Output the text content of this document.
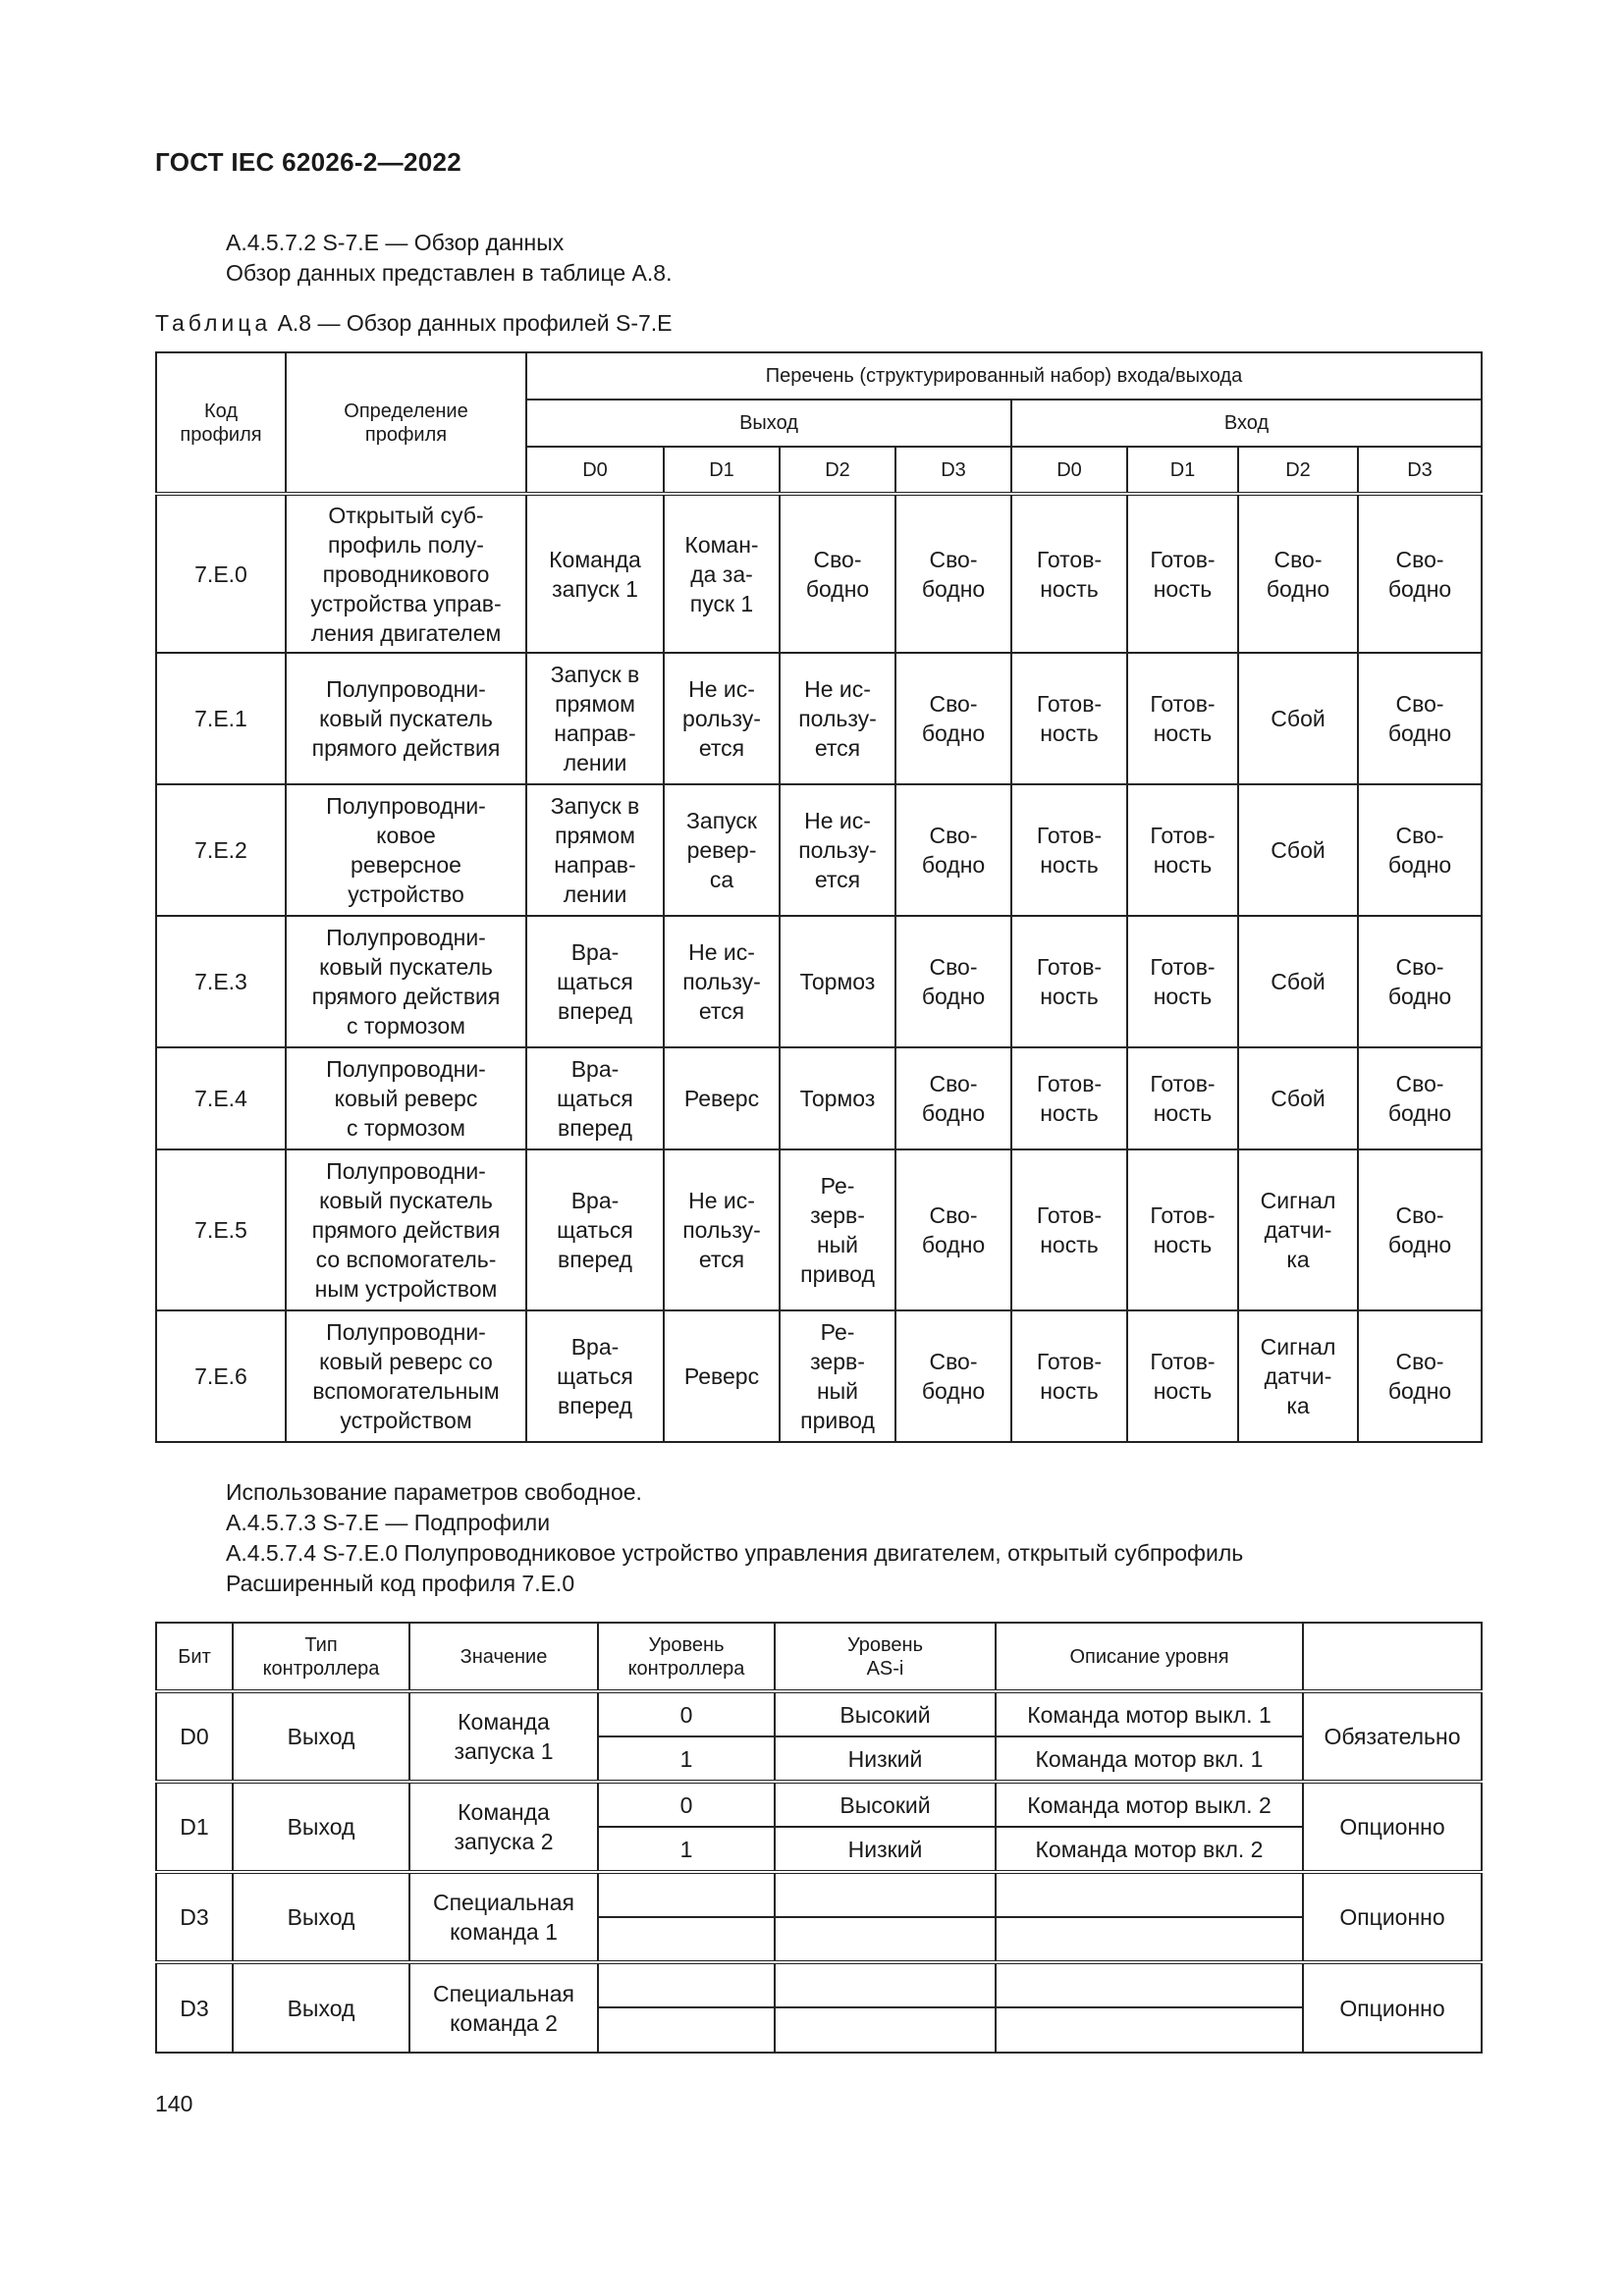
ГОСТ IEC 62026-2—2022
А.4.5.7.2 S-7.E — Обзор данных
Обзор данных представлен в таблице А.8.
Таблица А.8 — Обзор данных профилей S-7.E
Код
профиля	Определение
профиля	Перечень (структурированный набор) входа/выхода							
		Выход				Вход			
		D0	D1	D2	D3	D0	D1	D2	D3
7.E.0	Открытый суб-
профиль полу-
проводникового
устройства управ-
ления двигателем	Команда
запуск 1	Коман-
да за-
пуск 1	Сво-
бодно	Сво-
бодно	Готов-
ность	Готов-
ность	Сво-
бодно	Сво-
бодно
7.E.1	Полупроводни-
ковый пускатель
прямого действия	Запуск в
прямом
направ-
лении	Не ис-
pользу-
ется	Не ис-
пользу-
ется	Сво-
бодно	Готов-
ность	Готов-
ность	Сбой	Сво-
бодно
7.E.2	Полупроводни-
ковое
реверсное
устройство	Запуск в
прямом
направ-
лении	Запуск
ревер-
са	Не ис-
пользу-
ется	Сво-
бодно	Готов-
ность	Готов-
ность	Сбой	Сво-
бодно
7.E.3	Полупроводни-
ковый пускатель
прямого действия
с тормозом	Вра-
щаться
вперед	Не ис-
пользу-
ется	Тормоз	Сво-
бодно	Готов-
ность	Готов-
ность	Сбой	Сво-
бодно
7.E.4	Полупроводни-
ковый реверс
с тормозом	Вра-
щаться
вперед	Реверс	Тормоз	Сво-
бодно	Готов-
ность	Готов-
ность	Сбой	Сво-
бодно
7.E.5	Полупроводни-
ковый пускатель
прямого действия
со вспомогатель-
ным устройством	Вра-
щаться
вперед	Не ис-
пользу-
ется	Ре-
зерв-
ный
привод	Сво-
бодно	Готов-
ность	Готов-
ность	Сигнал
датчи-
ка	Сво-
бодно
7.E.6	Полупроводни-
ковый реверс со
вспомогательным
устройством	Вра-
щаться
вперед	Реверс	Ре-
зерв-
ный
привод	Сво-
бодно	Готов-
ность	Готов-
ность	Сигнал
датчи-
ка	Сво-
бодно
Использование параметров свободное.
А.4.5.7.3 S-7.E — Подпрофили
А.4.5.7.4 S-7.E.0 Полупроводниковое устройство управления двигателем, открытый субпрофиль
Расширенный код профиля 7.E.0
Бит	Тип
контроллера	Значение	Уровень
контроллера	Уровень
AS-i	Описание уровня	
D0	Выход	Команда
запуска 1	0	Высокий	Команда мотор выкл. 1	Обязательно
			1	Низкий	Команда мотор вкл. 1	
D1	Выход	Команда
запуска 2	0	Высокий	Команда мотор выкл. 2	Опционно
			1	Низкий	Команда мотор вкл. 2	
D3	Выход	Специальная
команда 1				Опционно

D3	Выход	Специальная
команда 2				Опционно

140
